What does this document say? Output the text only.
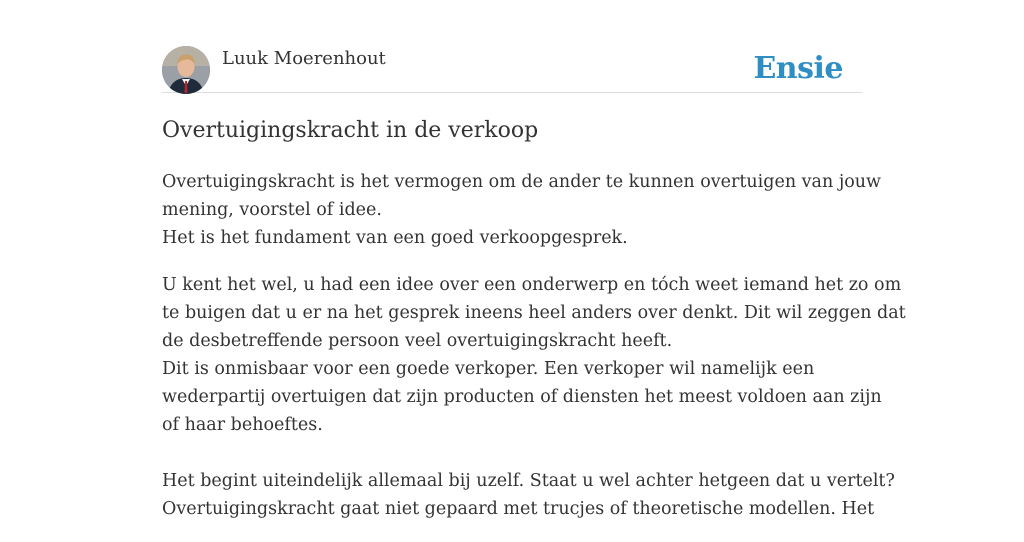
Luuk Moerenhout	Ensie
Overtuigingskracht in de verkoop

Overtuigingskracht is het vermogen om de ander te kunnen overtuigen van jouw
mening, voorstel of idee.
Het is het fundament van een goed verkoopgesprek.

U kent het wel, u had een idee over een onderwerp en tóch weet iemand het zo om
te buigen dat u er na het gesprek ineens heel anders over denkt. Dit wil zeggen dat
de desbetreffende persoon veel overtuigingskracht heeft.
Dit is onmisbaar voor een goede verkoper. Een verkoper wil namelijk een
wederpartij overtuigen dat zijn producten of diensten het meest voldoen aan zijn
of haar behoeftes.

Het begint uiteindelijk allemaal bij uzelf. Staat u wel achter hetgeen dat u vertelt?
Overtuigingskracht gaat niet gepaard met trucjes of theoretische modellen. Het
